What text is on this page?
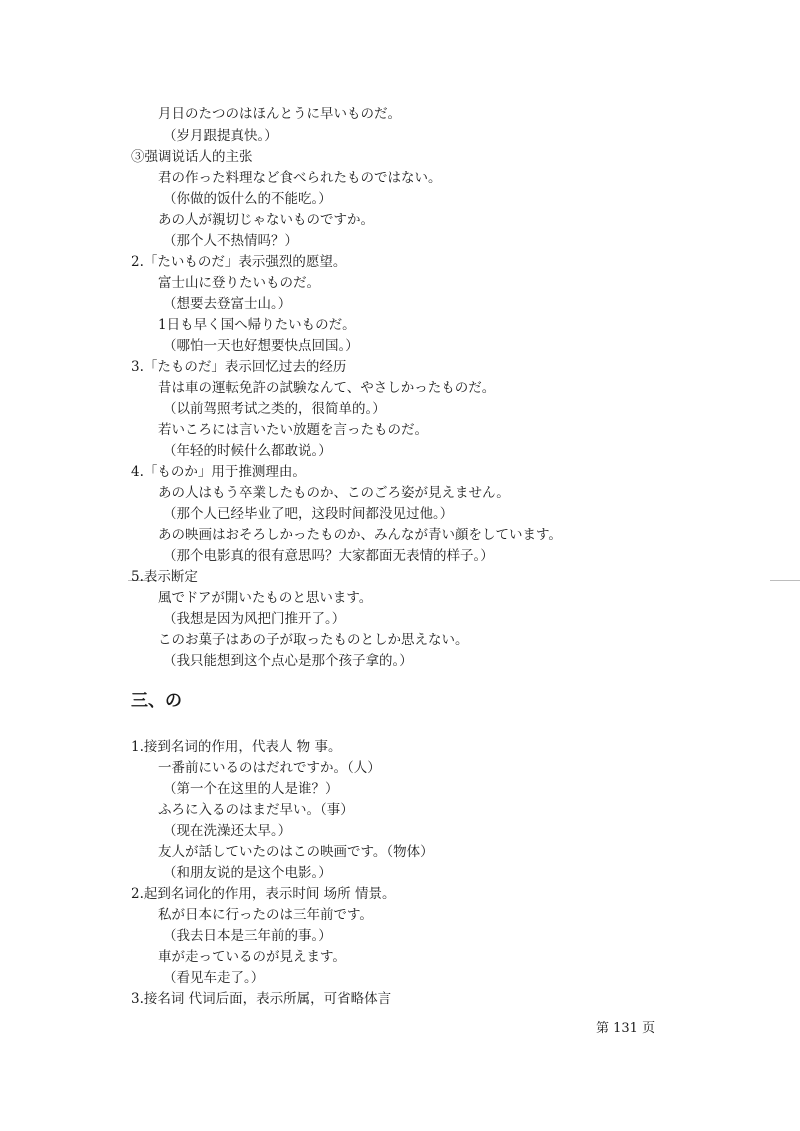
月日のたつのはほんとうに早いものだ。
（岁月跟提真快。）
③强调说话人的主张
君の作った料理など食べられたものではない。
（你做的饭什么的不能吃。）
あの人が親切じゃないものですか。
（那个人不热情吗？）
2.「たいものだ」表示强烈的愿望。
富士山に登りたいものだ。
（想要去登富士山。）
1日も早く国へ帰りたいものだ。
（哪怕一天也好想要快点回国。）
3.「たものだ」表示回忆过去的经历
昔は車の運転免許の試験なんて、やさしかったものだ。
（以前驾照考试之类的，很简单的。）
若いころには言いたい放題を言ったものだ。
（年轻的时候什么都敢说。）
4.「ものか」用于推测理由。
あの人はもう卒業したものか、このごろ姿が見えません。
（那个人已经毕业了吧，这段时间都没见过他。）
あの映画はおそろしかったものか、みんなが青い顔をしています。
（那个电影真的很有意思吗？大家都面无表情的样子。）
5.表示断定
風でドアが開いたものと思います。
（我想是因为风把门推开了。）
このお菓子はあの子が取ったものとしか思えない。
（我只能想到这个点心是那个孩子拿的。）
三、の
1.接到名词的作用，代表人 物 事。
一番前にいるのはだれですか。（人）
（第一个在这里的人是谁？）
ふろに入るのはまだ早い。（事）
（现在洗澡还太早。）
友人が話していたのはこの映画です。（物体）
（和朋友说的是这个电影。）
2.起到名词化的作用，表示时间 场所 情景。
私が日本に行ったのは三年前です。
（我去日本是三年前的事。）
車が走っているのが見えます。
（看见车走了。）
3.接名词 代词后面，表示所属，可省略体言
第 131 页
